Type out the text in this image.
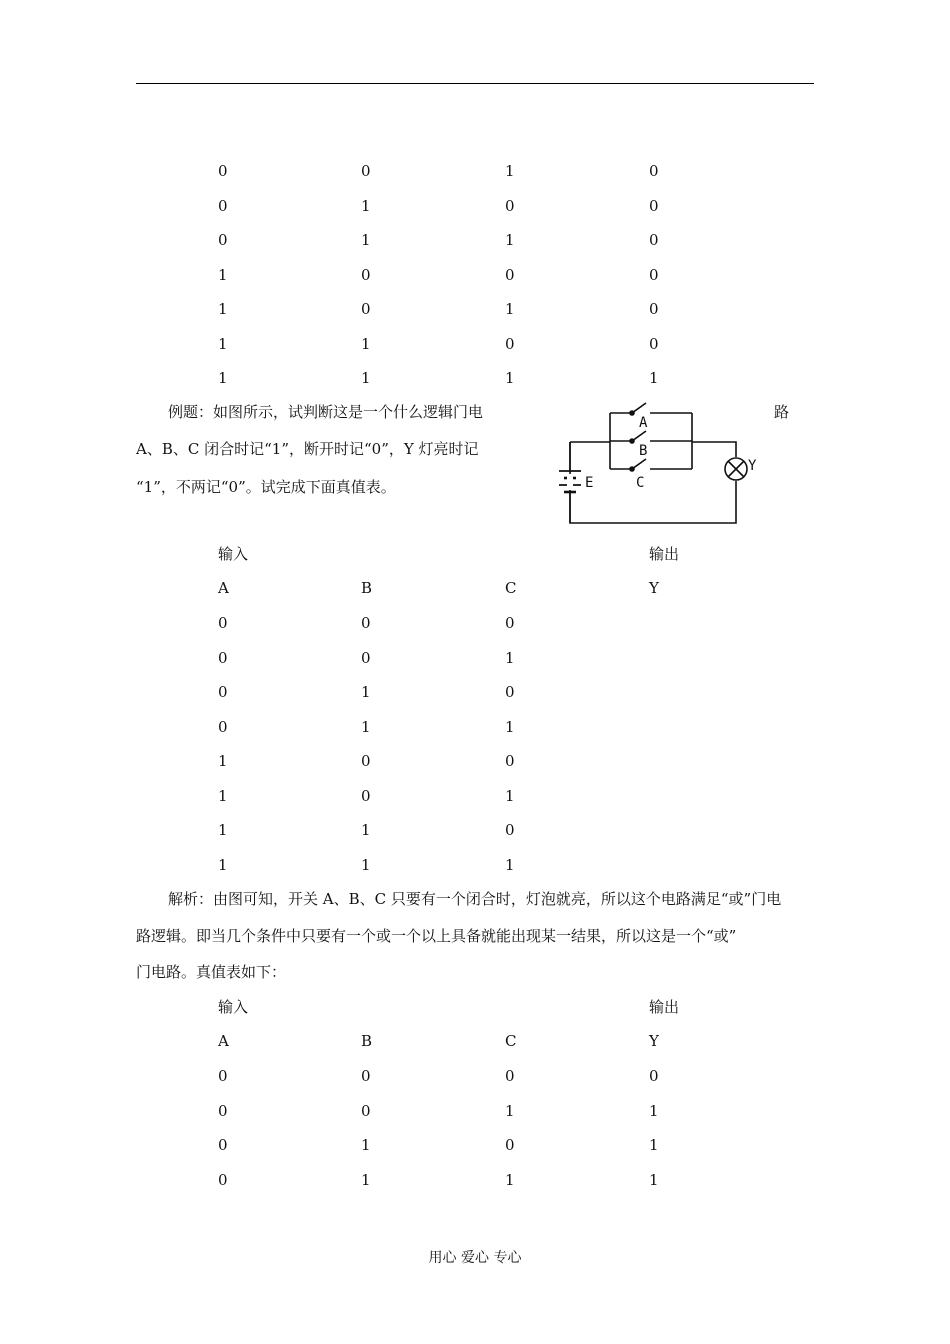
0	0	1	0
0	1	0	0
0	1	1	0
1	0	0	0
1	0	1	0
1	1	0	0
1	1	1	1
例题：如图所示，试判断这是一个什么逻辑门电	路
A、B、C 闭合时记“1”，断开时记“0”，Y 灯亮时记
“1”，不两记“0”。试完成下面真值表。
A
B
C
E
Y
输入	输出
A	B	C	Y
0	0	0
0	0	1
0	1	0
0	1	1
1	0	0
1	0	1
1	1	0
1	1	1
解析：由图可知，开关 A、B、C 只要有一个闭合时，灯泡就亮，所以这个电路满足“或”门电
路逻辑。即当几个条件中只要有一个或一个以上具备就能出现某一结果，所以这是一个“或”
门电路。真值表如下：
输入	输出
A	B	C	Y
0	0	0	0
0	0	1	1
0	1	0	1
0	1	1	1
用心 爱心 专心
